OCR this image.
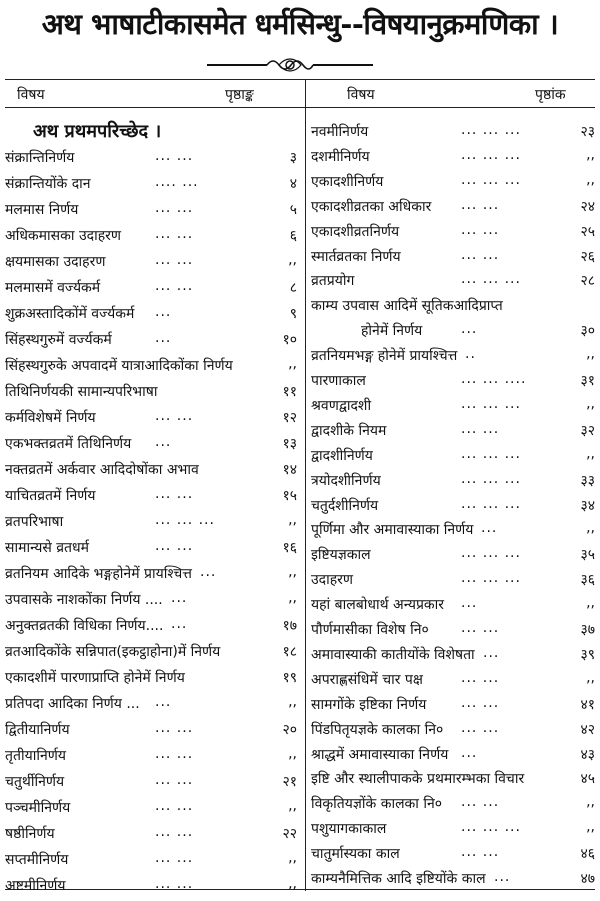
अथ भाषाटीकासमेत धर्मसिन्धु--विषयानुक्रमणिका ।
विषय	पृष्ठाङ्क
अथ प्रथमपरिच्छेद ।
संक्रान्तिनिर्णय	... ...	३
संक्रान्तियोंके दान	.... ...	४
मलमास निर्णय	... ...	५
अधिकमासका उदाहरण ... ...	६
क्षयमासका उदाहरण	... ...	,,
मलमासमें वर्ज्यकर्म	... ...	८
शुक्रअस्तादिकोंमें वर्ज्यकर्म ...	९
सिंहस्थगुरुमें वर्ज्यकर्म	...	१०
सिंहस्थगुरुके अपवादमें यात्राआदिकोंका निर्णय	,,
तिथिनिर्णयकी सामान्यपरिभाषा	११
कर्मविशेषमें निर्णय	... ...	१२
एकभक्तव्रतमें तिथिनिर्णय ...	१३
नक्तव्रतमें अर्कवार आदिदोषोंका अभाव	१४
याचितव्रतमें निर्णय	... ...	१५
व्रतपरिभाषा	... ... ...	,,
सामान्यसे व्रतधर्म	... ...	१६
व्रतनियम आदिके भङ्गहोनेमें प्रायश्चित्त ...	,,
उपवासके नाशकोंका निर्णय .... ...	,,
अनुक्तव्रतकी विधिका निर्णय.... ...	१७
व्रतआदिकोंके सन्निपात(इकट्ठाहोना)में निर्णय	१८
एकादशीमें पारणाप्राप्ति होनेमें निर्णय	१९
प्रतिपदा आदिका निर्णय ... ...	,,
द्वितीयानिर्णय	... ...	२०
तृतीयानिर्णय	... ...	,,
चतुर्थीनिर्णय	... ...	२१
पञ्चमीनिर्णय	... ...	,,
षष्ठीनिर्णय	... ...	२२
सप्तमीनिर्णय	... ...	,,
अष्टमीनिर्णय	... ...	,,
विषय	पृष्ठांक
नवमीनिर्णय	... ... ...	२३
दशमीनिर्णय	... ... ...	,,
एकादशीनिर्णय	... ... ...	,,
एकादशीव्रतका अधिकार ... ...	२४
एकादशीव्रतनिर्णय	... ...	२५
स्मार्तव्रतका निर्णय	... ...	२६
व्रतप्रयोग	... ... ...	२८
काम्य उपवास आदिमें सूतिकआदिप्राप्त
होनेमें निर्णय	...	३०
व्रतनियमभङ्ग होनेमें प्रायश्चित्त ..	,,
पारणाकाल	... ... ....	३१
श्रवणद्वादशी	... ... ...	,,
द्वादशीके नियम	... ...	३२
द्वादशीनिर्णय	... ... ...	,,
त्रयोदशीनिर्णय	... ... ...	३३
चतुर्दशीनिर्णय	... ... ...	३४
पूर्णिमा और अमावास्याका निर्णय ...	,,
इष्टियज्ञकाल	... ... ...	३५
उदाहरण	... ... ...	३६
यहां बालबोधार्थ अन्यप्रकार ...	,,
पौर्णमासीका विशेष नि० ... ...	३७
अमावास्याकी कातीयोंके विशेषता ...	३९
अपराह्णसंधिमें चार पक्ष	... ...	,,
सामगोंके इष्टिका निर्णय ... ...	४१
पिंडपितृयज्ञके कालका नि० ... ...	४२
श्राद्धमें अमावास्याका निर्णय ...	४३
इष्टि और स्थालीपाकके प्रथमारम्भका विचार	४५
विकृतियज्ञोंके कालका नि० ... ...	,,
पशुयागकाकाल	... ... ...	,,
चातुर्मास्यका काल	... ...	४६
काम्यनैमित्तिक आदि इष्टियोंके काल ...	४७
